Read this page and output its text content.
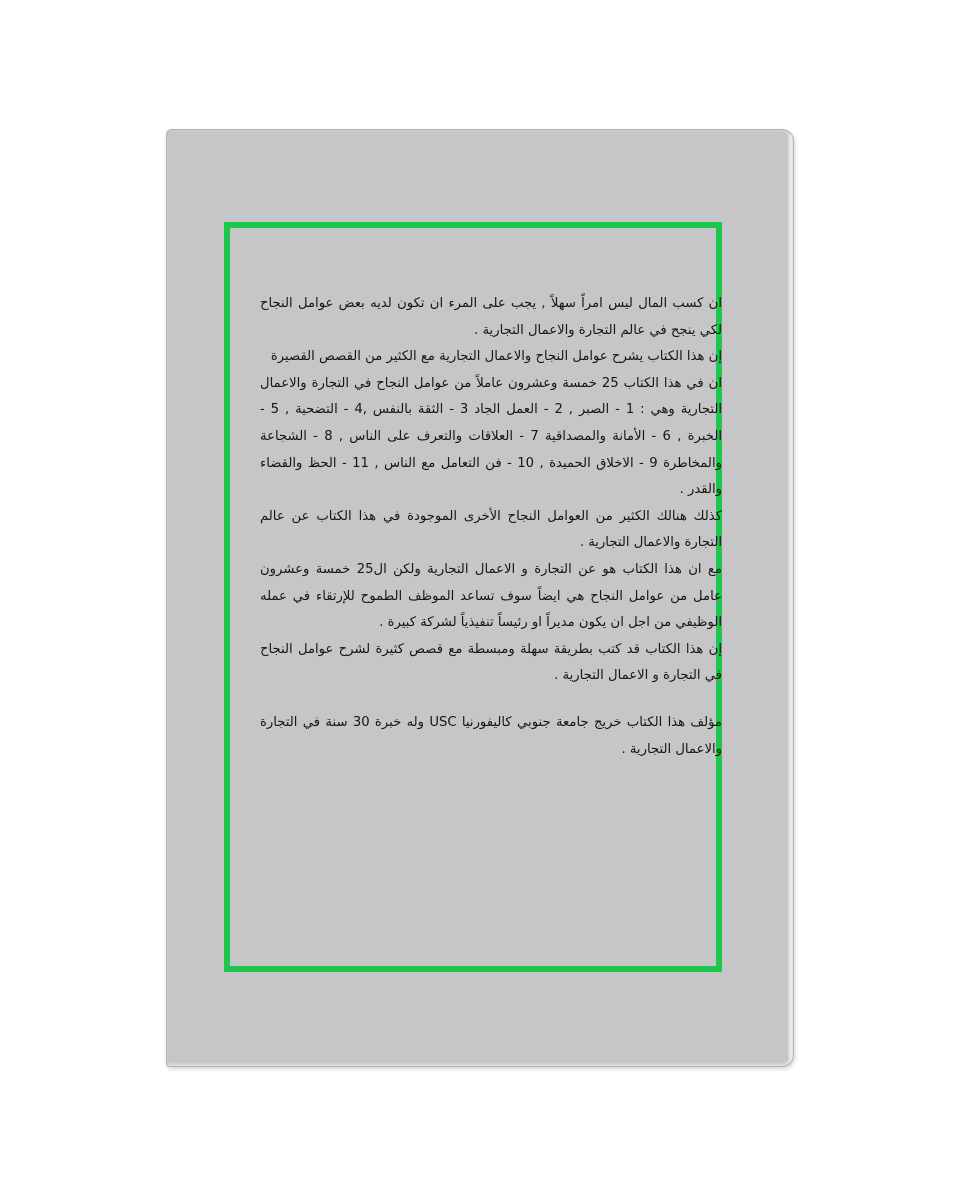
ان كسب المال ليس امراً سهلاً , يجب على المرء ان تكون لديه بعض عوامل النجاح لكي ينجح في عالم التجارة والاعمال التجارية .

إن هذا الكتاب يشرح عوامل النجاح والاعمال التجارية مع الكثير من القصص القصيرة

ان في هذا الكتاب 25 خمسة وعشرون عاملاً من عوامل النجاح في التجارة والاعمال التجارية وهي : 1 - الصبر , 2 - العمل الجاد 3 - الثقة بالنفس ,4 - التضحية , 5 - الخبرة , 6 - الأمانة والمصداقية 7 - العلاقات والتعرف على الناس , 8 - الشجاعة والمخاطرة 9 - الاخلاق الحميدة , 10 - فن التعامل مع الناس , 11 - الحظ والقضاء والقدر .

كذلك هنالك الكثير من العوامل النجاح الأخرى الموجودة في هذا الكتاب عن عالم التجارة والاعمال التجارية .

مع ان هذا الكتاب هو عن التجارة و الاعمال التجارية ولكن ال25 خمسة وعشرون عامل من عوامل النجاح هي ايضاً سوف تساعد الموظف الطموح للإرتقاء في عمله الوظيفي من اجل ان يكون مديراً او رئيساً تنفيذياً لشركة كبيرة .

إن هذا الكتاب قد كتب بطريقة سهلة ومبسطة مع قصص كثيرة لشرح عوامل النجاح في التجارة و الاعمال التجارية .

مؤلف هذا الكتاب خريج جامعة جنوبي كاليفورنيا USC وله خبرة 30 سنة في التجارة والاعمال التجارية .
